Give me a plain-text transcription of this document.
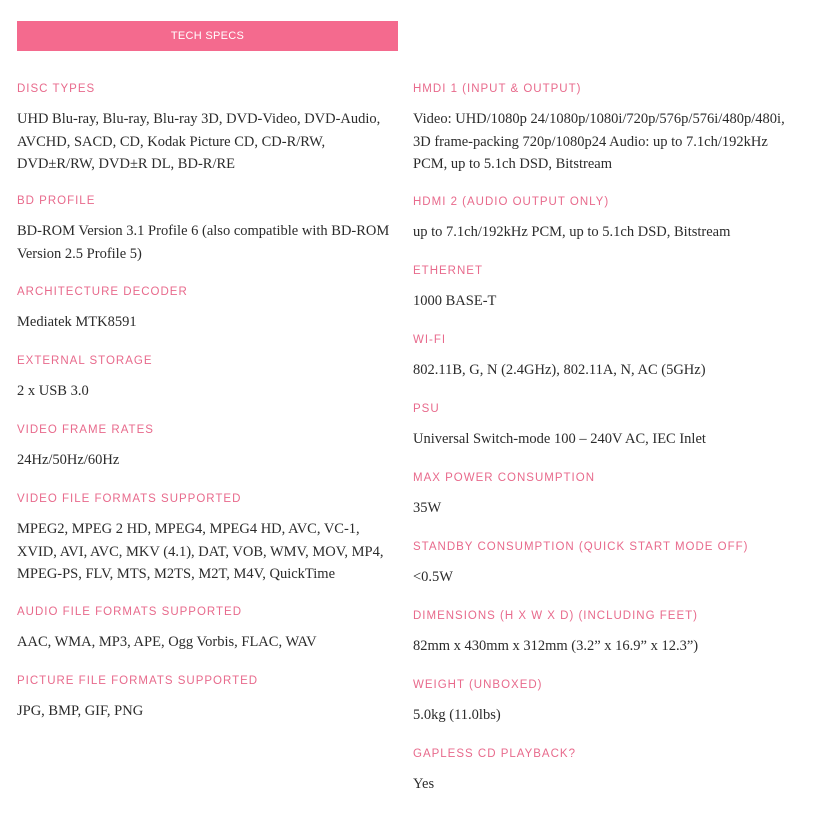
TECH SPECS
DISC TYPES

UHD Blu-ray, Blu-ray, Blu-ray 3D, DVD-Video, DVD-Audio, AVCHD, SACD, CD, Kodak Picture CD, CD-R/RW, DVD±R/RW, DVD±R DL, BD-R/RE

BD PROFILE

BD-ROM Version 3.1 Profile 6 (also compatible with BD-ROM Version 2.5 Profile 5)

ARCHITECTURE DECODER

Mediatek MTK8591

EXTERNAL STORAGE

2 x USB 3.0

VIDEO FRAME RATES

24Hz/50Hz/60Hz

VIDEO FILE FORMATS SUPPORTED

MPEG2, MPEG 2 HD, MPEG4, MPEG4 HD, AVC, VC-1, XVID, AVI, AVC, MKV (4.1), DAT, VOB, WMV, MOV, MP4, MPEG-PS, FLV, MTS, M2TS, M2T, M4V, QuickTime

AUDIO FILE FORMATS SUPPORTED

AAC, WMA, MP3, APE, Ogg Vorbis, FLAC, WAV

PICTURE FILE FORMATS SUPPORTED

JPG, BMP, GIF, PNG

HMDI 1 (INPUT & OUTPUT)

Video: UHD/1080p 24/1080p/1080i/720p/576p/576i/480p/480i, 3D frame-packing 720p/1080p24 Audio: up to 7.1ch/192kHz PCM, up to 5.1ch DSD, Bitstream

HDMI 2 (AUDIO OUTPUT ONLY)

up to 7.1ch/192kHz PCM, up to 5.1ch DSD, Bitstream

ETHERNET

1000 BASE-T

WI-FI

802.11B, G, N (2.4GHz), 802.11A, N, AC (5GHz)

PSU

Universal Switch-mode 100 – 240V AC, IEC Inlet

MAX POWER CONSUMPTION

35W

STANDBY CONSUMPTION (QUICK START MODE OFF)

<0.5W

DIMENSIONS (H X W X D) (INCLUDING FEET)

82mm x 430mm x 312mm (3.2” x 16.9” x 12.3”)

WEIGHT (UNBOXED)

5.0kg (11.0lbs)

GAPLESS CD PLAYBACK?

Yes
